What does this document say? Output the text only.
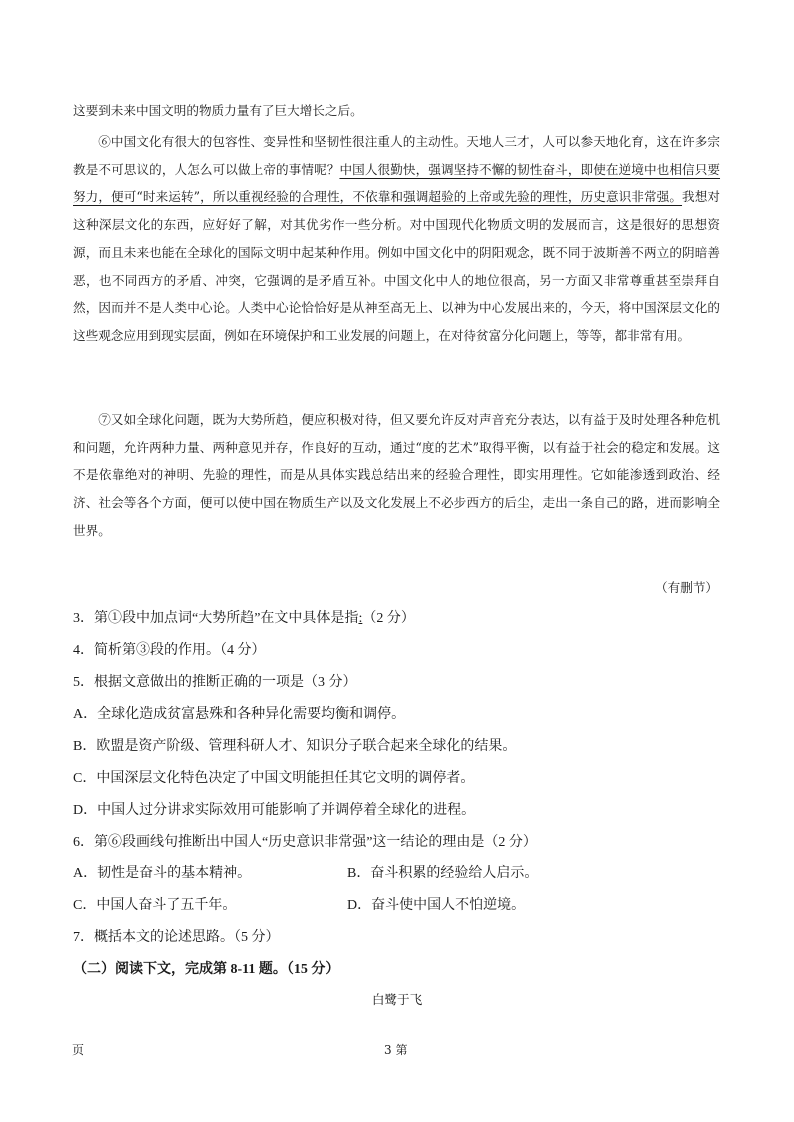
这要到未来中国文明的物质力量有了巨大增长之后。

⑥中国文化有很大的包容性、变异性和坚韧性很注重人的主动性。天地人三才，人可以参天地化育，这在许多宗教是不可思议的，人怎么可以做上帝的事情呢？中国人很勤快，强调坚持不懈的韧性奋斗，即使在逆境中也相信只要努力，便可“时来运转”，所以重视经验的合理性，不依靠和强调超验的上帝或先验的理性，历史意识非常强。我想对这种深层文化的东西，应好好了解，对其优劣作一些分析。对中国现代化物质文明的发展而言，这是很好的思想资源，而且未来也能在全球化的国际文明中起某种作用。例如中国文化中的阴阳观念，既不同于波斯善不两立的阴暗善恶，也不同西方的矛盾、冲突，它强调的是矛盾互补。中国文化中人的地位很高，另一方面又非常尊重甚至崇拜自然，因而并不是人类中心论。人类中心论恰恰好是从神至高无上、以神为中心发展出来的，今天，将中国深层文化的这些观念应用到现实层面，例如在环境保护和工业发展的问题上，在对待贫富分化问题上，等等，都非常有用。

⑦又如全球化问题，既为大势所趋，便应积极对待，但又要允许反对声音充分表达，以有益于及时处理各种危机和问题，允许两种力量、两种意见并存，作良好的互动，通过“度的艺术”取得平衡，以有益于社会的稳定和发展。这不是依靠绝对的神明、先验的理性，而是从具体实践总结出来的经验合理性，即实用理性。它如能渗透到政治、经济、社会等各个方面，便可以使中国在物质生产以及文化发展上不必步西方的后尘，走出一条自己的路，进而影响全世界。

（有删节）

3．第①段中加点词“大势所趋”在文中具体是指:（2 分）

4．简析第③段的作用。（4 分）

5．根据文意做出的推断正确的一项是（3 分）

A．全球化造成贫富悬殊和各种异化需要均衡和调停。

B．欧盟是资产阶级、管理科研人才、知识分子联合起来全球化的结果。

C．中国深层文化特色决定了中国文明能担任其它文明的调停者。

D．中国人过分讲求实际效用可能影响了并调停着全球化的进程。

6．第⑥段画线句推断出中国人“历史意识非常强”这一结论的理由是（2 分）

A．韧性是奋斗的基本精神。	B．奋斗积累的经验给人启示。

C．中国人奋斗了五千年。	D．奋斗使中国人不怕逆境。

7．概括本文的论述思路。（5 分）

（二）阅读下文，完成第 8-11 题。（15 分）

白鹭于飞
页	3 第
